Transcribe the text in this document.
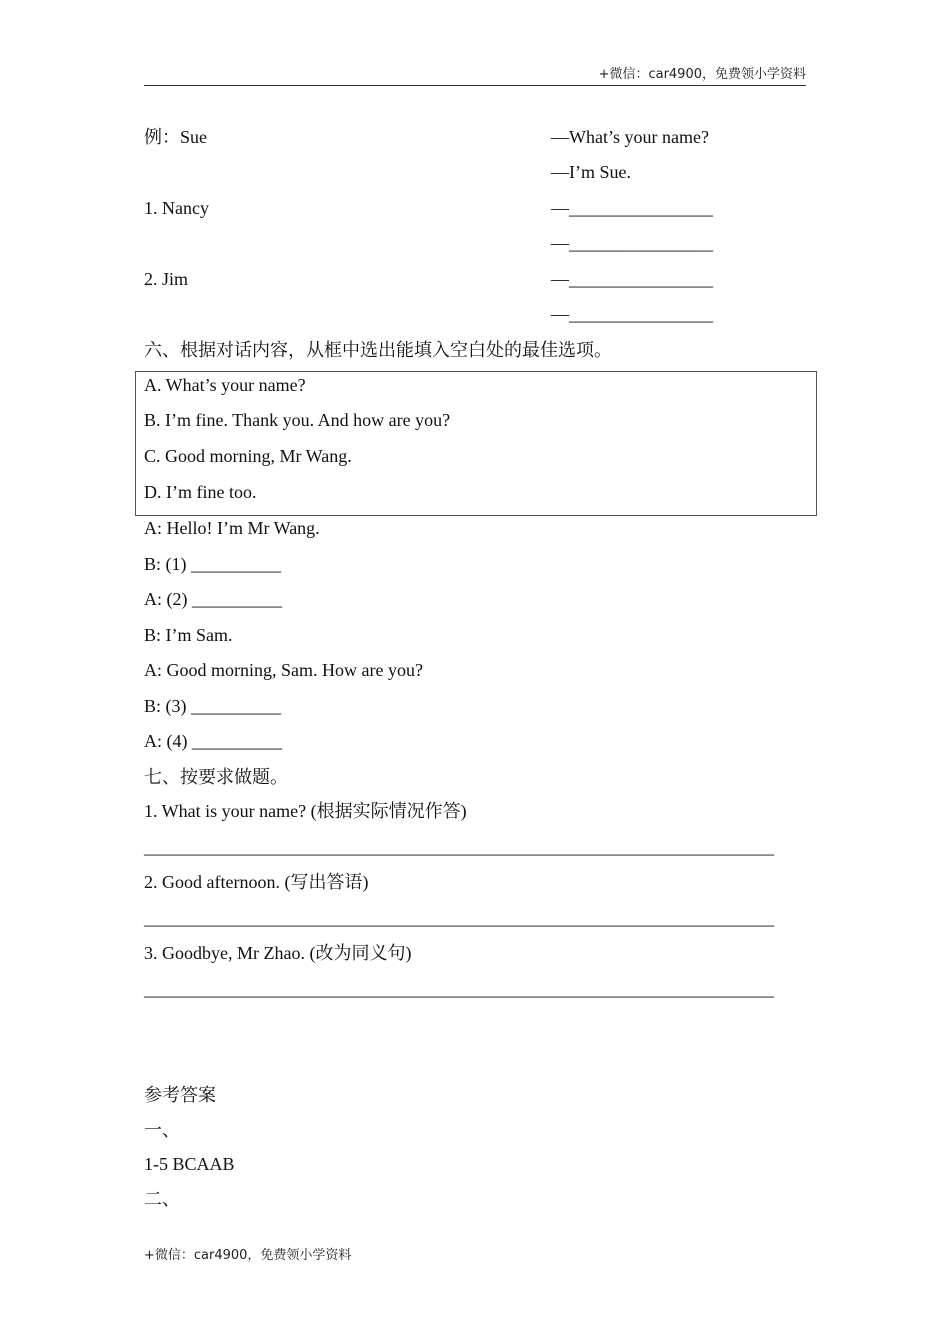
+微信：car4900，免费领小学资料
例：Sue	—What’s your name?
—I’m Sue.
1. Nancy	—________________
—________________
2. Jim	—________________
—________________
六、根据对话内容，从框中选出能填入空白处的最佳选项。
A. What’s your name?
B. I’m fine. Thank you. And how are you?
C. Good morning, Mr Wang.
D. I’m fine too.
A: Hello! I’m Mr Wang.
B: (1) __________
A: (2) __________
B: I’m Sam.
A: Good morning, Sam. How are you?
B: (3) __________
A: (4) __________
七、按要求做题。
1. What is your name? (根据实际情况作答)
______________________________________________________________________
2. Good afternoon. (写出答语)
______________________________________________________________________
3. Goodbye, Mr Zhao. (改为同义句)
______________________________________________________________________
参考答案
一、
1-5 BCAAB
二、
+微信：car4900，免费领小学资料
